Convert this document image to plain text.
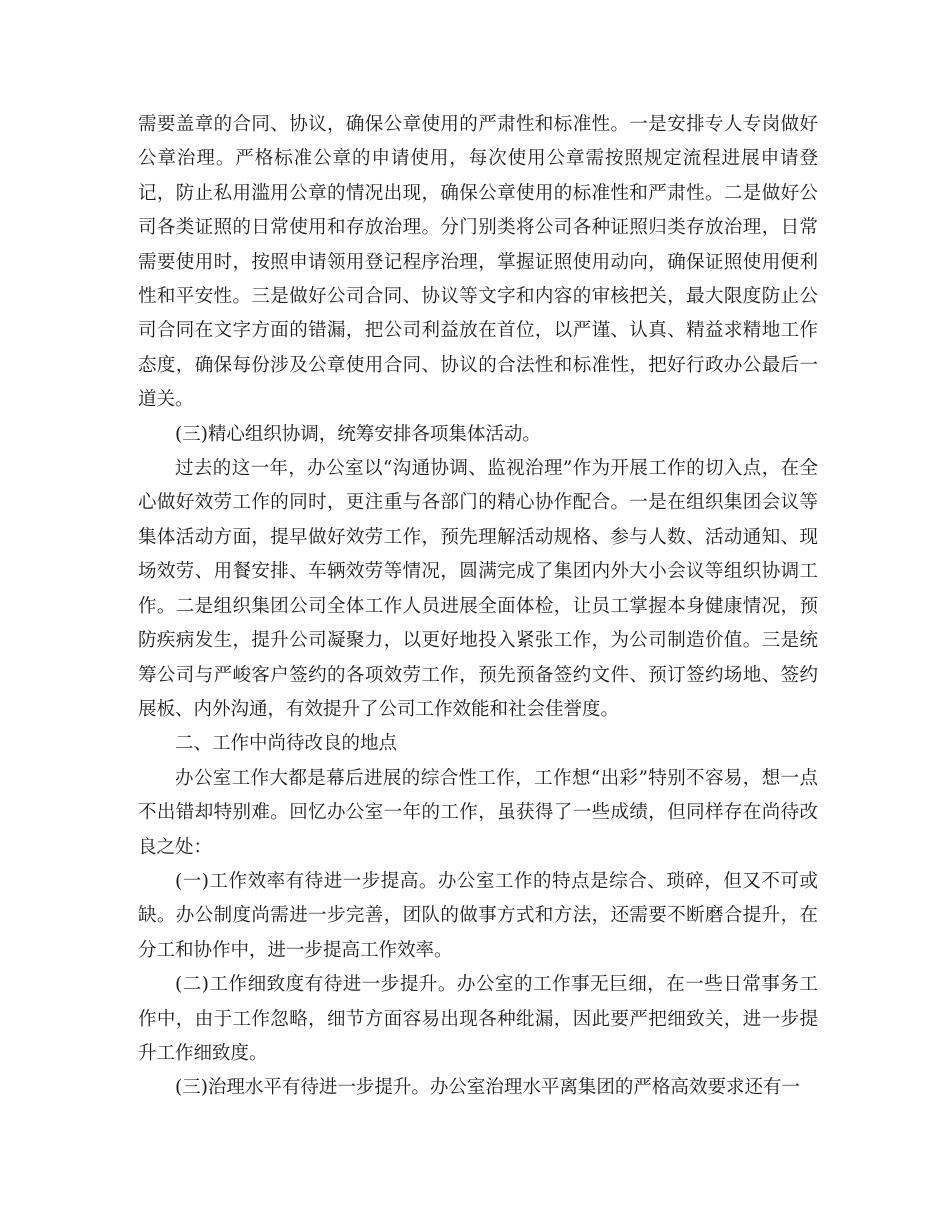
需要盖章的合同、协议，确保公章使用的严肃性和标准性。一是安排专人专岗做好公章治理。严格标准公章的申请使用，每次使用公章需按照规定流程进展申请登记，防止私用滥用公章的情况出现，确保公章使用的标准性和严肃性。二是做好公司各类证照的日常使用和存放治理。分门别类将公司各种证照归类存放治理，日常需要使用时，按照申请领用登记程序治理，掌握证照使用动向，确保证照使用便利性和平安性。三是做好公司合同、协议等文字和内容的审核把关，最大限度防止公司合同在文字方面的错漏，把公司利益放在首位，以严谨、认真、精益求精地工作态度，确保每份涉及公章使用合同、协议的合法性和标准性，把好行政办公最后一道关。

(三)精心组织协调，统筹安排各项集体活动。

过去的这一年，办公室以“沟通协调、监视治理”作为开展工作的切入点，在全心做好效劳工作的同时，更注重与各部门的精心协作配合。一是在组织集团会议等集体活动方面，提早做好效劳工作，预先理解活动规格、参与人数、活动通知、现场效劳、用餐安排、车辆效劳等情况，圆满完成了集团内外大小会议等组织协调工作。二是组织集团公司全体工作人员进展全面体检，让员工掌握本身健康情况，预防疾病发生，提升公司凝聚力，以更好地投入紧张工作，为公司制造价值。三是统筹公司与严峻客户签约的各项效劳工作，预先预备签约文件、预订签约场地、签约展板、内外沟通，有效提升了公司工作效能和社会佳誉度。

二、工作中尚待改良的地点

办公室工作大都是幕后进展的综合性工作，工作想“出彩”特别不容易，想一点不出错却特别难。回忆办公室一年的工作，虽获得了一些成绩，但同样存在尚待改良之处：

(一)工作效率有待进一步提高。办公室工作的特点是综合、琐碎，但又不可或缺。办公制度尚需进一步完善，团队的做事方式和方法，还需要不断磨合提升，在分工和协作中，进一步提高工作效率。

(二)工作细致度有待进一步提升。办公室的工作事无巨细，在一些日常事务工作中，由于工作忽略，细节方面容易出现各种纰漏，因此要严把细致关，进一步提升工作细致度。

(三)治理水平有待进一步提升。办公室治理水平离集团的严格高效要求还有一
